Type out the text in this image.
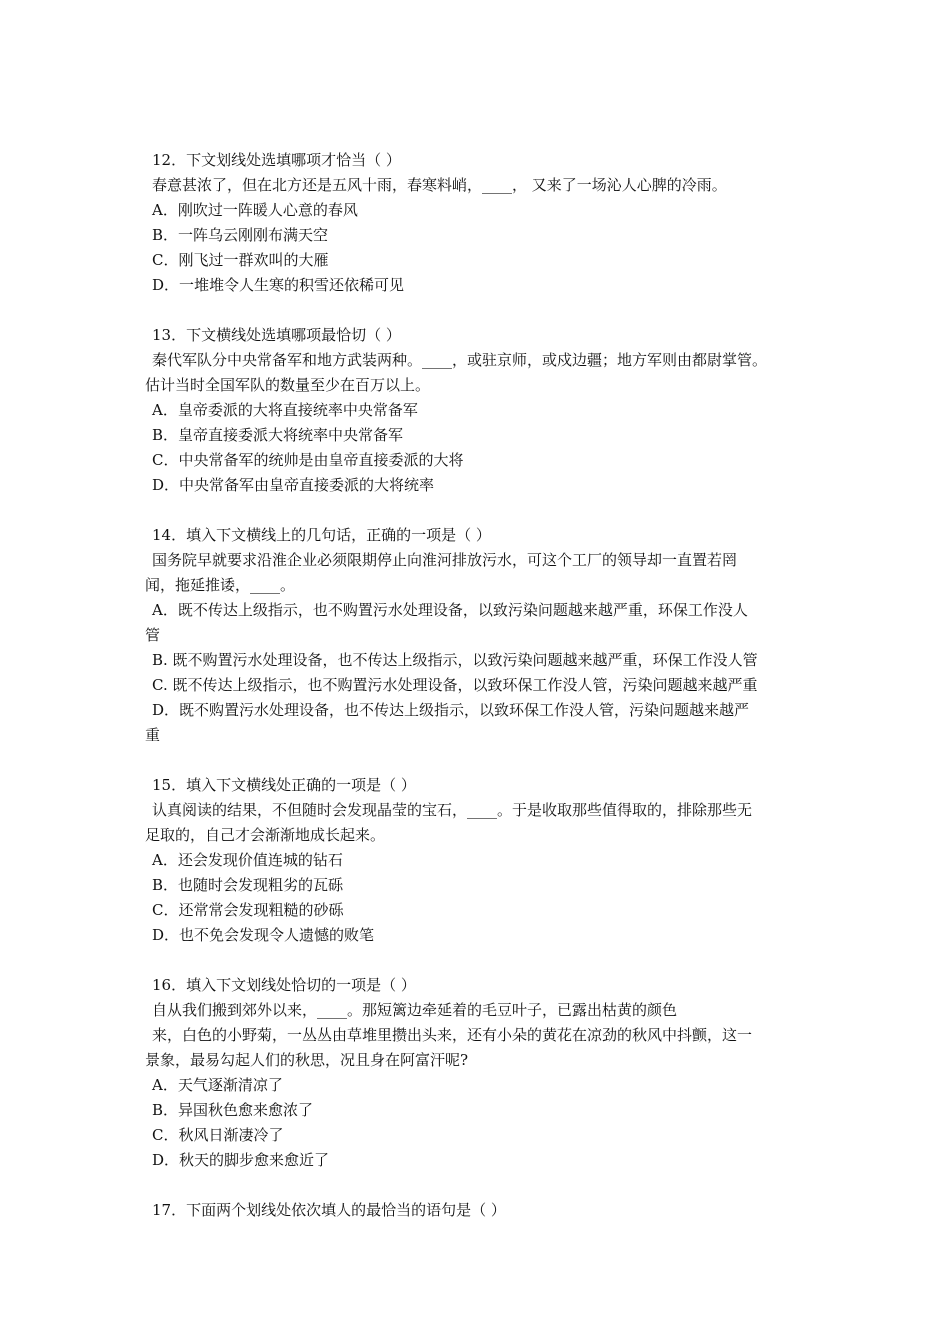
12．下文划线处选填哪项才恰当（ ）
春意甚浓了，但在北方还是五风十雨，春寒料峭，____， 又来了一场沁人心脾的冷雨。
A．刚吹过一阵暖人心意的春风
B．一阵乌云刚刚布满天空
C．刚飞过一群欢叫的大雁
D．一堆堆令人生寒的积雪还依稀可见
13．下文横线处选填哪项最恰切（ ）
秦代军队分中央常备军和地方武装两种。____，或驻京师，或戍边疆；地方军则由都尉掌管。
估计当时全国军队的数量至少在百万以上。
A．皇帝委派的大将直接统率中央常备军
B．皇帝直接委派大将统率中央常备军
C．中央常备军的统帅是由皇帝直接委派的大将
D．中央常备军由皇帝直接委派的大将统率
14．填入下文横线上的几句话，正确的一项是（ ）
国务院早就要求沿淮企业必须限期停止向淮河排放污水，可这个工厂的领导却一直置若罔
闻，拖延推诿，____。
A．既不传达上级指示，也不购置污水处理设备，以致污染问题越来越严重，环保工作没人
管
B. 既不购置污水处理设备，也不传达上级指示，以致污染问题越来越严重，环保工作没人管
C. 既不传达上级指示，也不购置污水处理设备，以致环保工作没人管，污染问题越来越严重
D．既不购置污水处理设备，也不传达上级指示，以致环保工作没人管，污染问题越来越严
重
15．填入下文横线处正确的一项是（ ）
认真阅读的结果，不但随时会发现晶莹的宝石，____。于是收取那些值得取的，排除那些无
足取的，自己才会渐渐地成长起来。
A．还会发现价值连城的钻石
B．也随时会发现粗劣的瓦砾
C．还常常会发现粗糙的砂砾
D．也不免会发现令人遗憾的败笔
16．填入下文划线处恰切的一项是（ ）
自从我们搬到郊外以来，____。那短篱边牵延着的毛豆叶子，已露出枯黄的颜色
来，白色的小野菊，一丛丛由草堆里攒出头来，还有小朵的黄花在凉劲的秋风中抖颤，这一
景象，最易勾起人们的秋思，况且身在阿富汗呢?
A．天气逐渐清凉了
B．异国秋色愈来愈浓了
C．秋风日渐凄冷了
D．秋天的脚步愈来愈近了
17．下面两个划线处依次填人的最恰当的语句是（ ）
